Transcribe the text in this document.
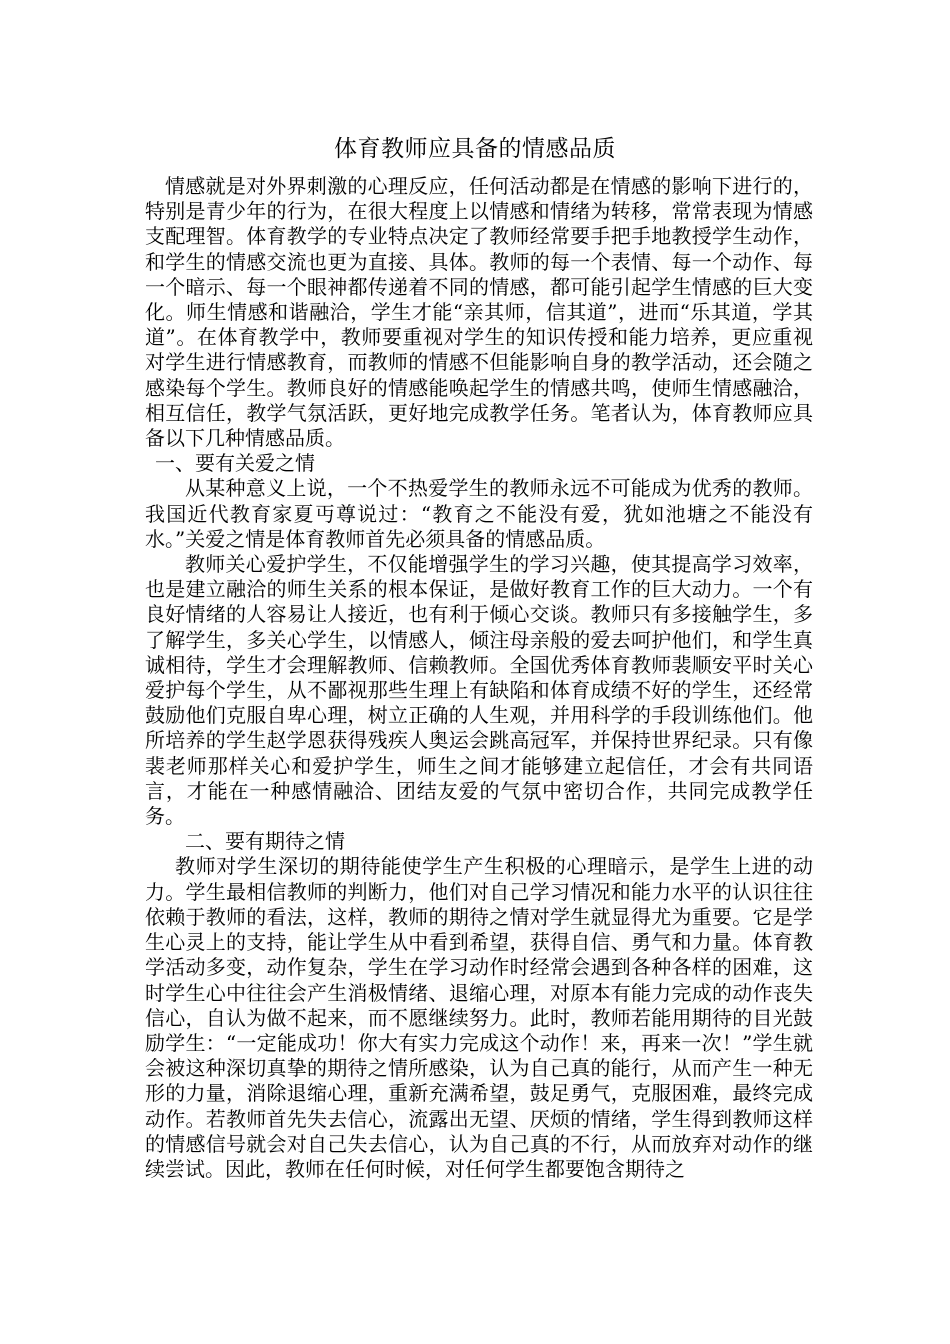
体育教师应具备的情感品质

情感就是对外界刺激的心理反应，任何活动都是在情感的影响下进行的，特别是青少年的行为，在很大程度上以情感和情绪为转移，常常表现为情感支配理智。体育教学的专业特点决定了教师经常要手把手地教授学生动作，和学生的情感交流也更为直接、具体。教师的每一个表情、每一个动作、每一个暗示、每一个眼神都传递着不同的情感，都可能引起学生情感的巨大变化。师生情感和谐融洽，学生才能“亲其师，信其道”，进而“乐其道，学其道”。在体育教学中，教师要重视对学生的知识传授和能力培养，更应重视对学生进行情感教育，而教师的情感不但能影响自身的教学活动，还会随之感染每个学生。教师良好的情感能唤起学生的情感共鸣，使师生情感融洽，相互信任，教学气氛活跃，更好地完成教学任务。笔者认为，体育教师应具备以下几种情感品质。

一、要有关爱之情

从某种意义上说，一个不热爱学生的教师永远不可能成为优秀的教师。我国近代教育家夏丏尊说过：“教育之不能没有爱，犹如池塘之不能没有水。”关爱之情是体育教师首先必须具备的情感品质。

教师关心爱护学生，不仅能增强学生的学习兴趣，使其提高学习效率，也是建立融洽的师生关系的根本保证，是做好教育工作的巨大动力。一个有良好情绪的人容易让人接近，也有利于倾心交谈。教师只有多接触学生，多了解学生，多关心学生，以情感人，倾注母亲般的爱去呵护他们，和学生真诚相待，学生才会理解教师、信赖教师。全国优秀体育教师裴顺安平时关心爱护每个学生，从不鄙视那些生理上有缺陷和体育成绩不好的学生，还经常鼓励他们克服自卑心理，树立正确的人生观，并用科学的手段训练他们。他所培养的学生赵学恩获得残疾人奥运会跳高冠军，并保持世界纪录。只有像裴老师那样关心和爱护学生，师生之间才能够建立起信任，才会有共同语言，才能在一种感情融洽、团结友爱的气氛中密切合作，共同完成教学任务。

二、要有期待之情

教师对学生深切的期待能使学生产生积极的心理暗示，是学生上进的动力。学生最相信教师的判断力，他们对自己学习情况和能力水平的认识往往依赖于教师的看法，这样，教师的期待之情对学生就显得尤为重要。它是学生心灵上的支持，能让学生从中看到希望，获得自信、勇气和力量。体育教学活动多变，动作复杂，学生在学习动作时经常会遇到各种各样的困难，这时学生心中往往会产生消极情绪、退缩心理，对原本有能力完成的动作丧失信心，自认为做不起来，而不愿继续努力。此时，教师若能用期待的目光鼓励学生：“一定能成功！你大有实力完成这个动作！来，再来一次！”学生就会被这种深切真挚的期待之情所感染，认为自己真的能行，从而产生一种无形的力量，消除退缩心理，重新充满希望，鼓足勇气，克服困难，最终完成动作。若教师首先失去信心，流露出无望、厌烦的情绪，学生得到教师这样的情感信号就会对自己失去信心，认为自己真的不行，从而放弃对动作的继续尝试。因此，教师在任何时候，对任何学生都要饱含期待之
